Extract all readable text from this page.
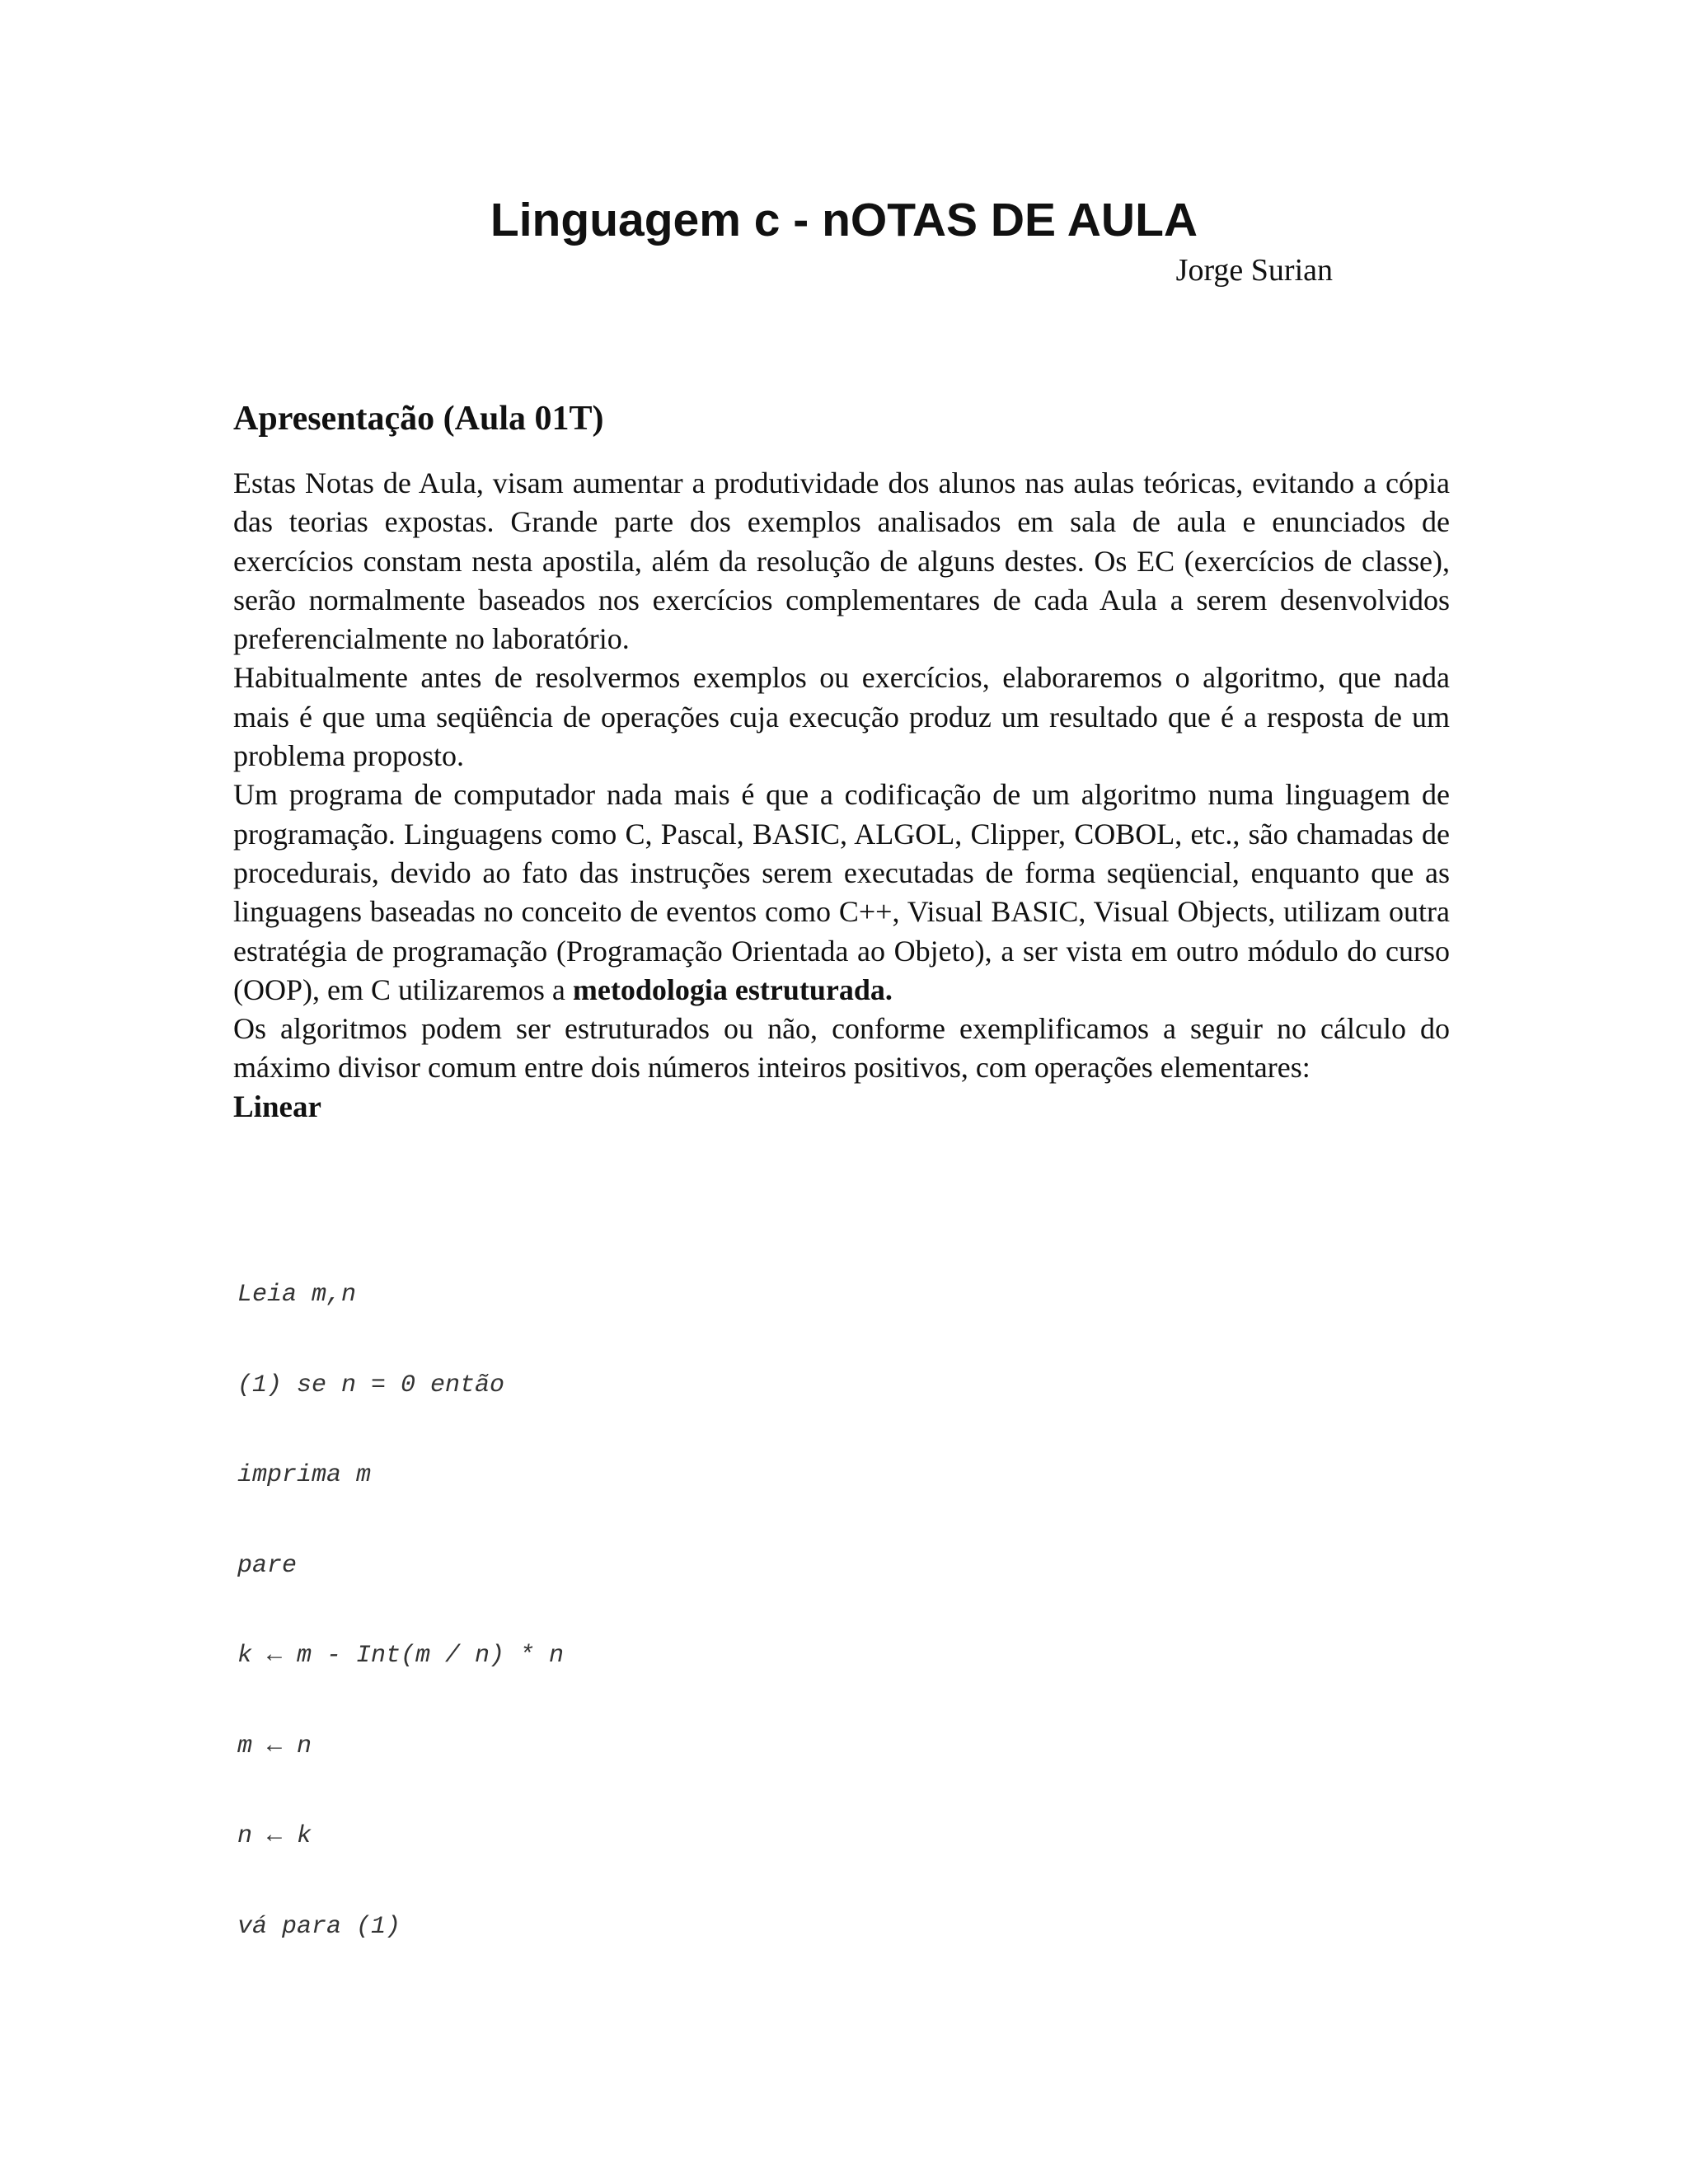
Linguagem c - nOTAS DE AULA
Jorge Surian
Apresentação (Aula 01T)

Estas Notas de Aula, visam aumentar a produtividade dos alunos nas aulas teóricas, evitando a cópia das teorias expostas. Grande parte dos exemplos analisados em sala de aula e enunciados de exercícios constam nesta apostila, além da resolução de alguns destes. Os EC (exercícios de classe), serão normalmente baseados nos exercícios complementares de cada Aula a serem desenvolvidos preferencialmente no laboratório.

Habitualmente antes de resolvermos exemplos ou exercícios, elaboraremos o algoritmo, que nada mais é que uma seqüência de operações cuja execução produz um resultado que é a resposta de um problema proposto.

Um programa de computador nada mais é que a codificação de um algoritmo numa linguagem de programação. Linguagens como C, Pascal, BASIC, ALGOL, Clipper, COBOL, etc., são chamadas de procedurais, devido ao fato das instruções serem executadas de forma seqüencial, enquanto que as linguagens baseadas no conceito de eventos como C++, Visual BASIC, Visual Objects, utilizam outra estratégia de programação (Programação Orientada ao Objeto), a ser vista em outro módulo do curso (OOP), em C utilizaremos a metodologia estruturada.

Os algoritmos podem ser estruturados ou não, conforme exemplificamos a seguir no cálculo do máximo divisor comum entre dois números inteiros positivos, com operações elementares:

Linear

Leia m,n

(1) se n = 0 então

imprima m

pare

k ← m - Int(m / n) * n

m ← n

n ← k

vá para (1)
